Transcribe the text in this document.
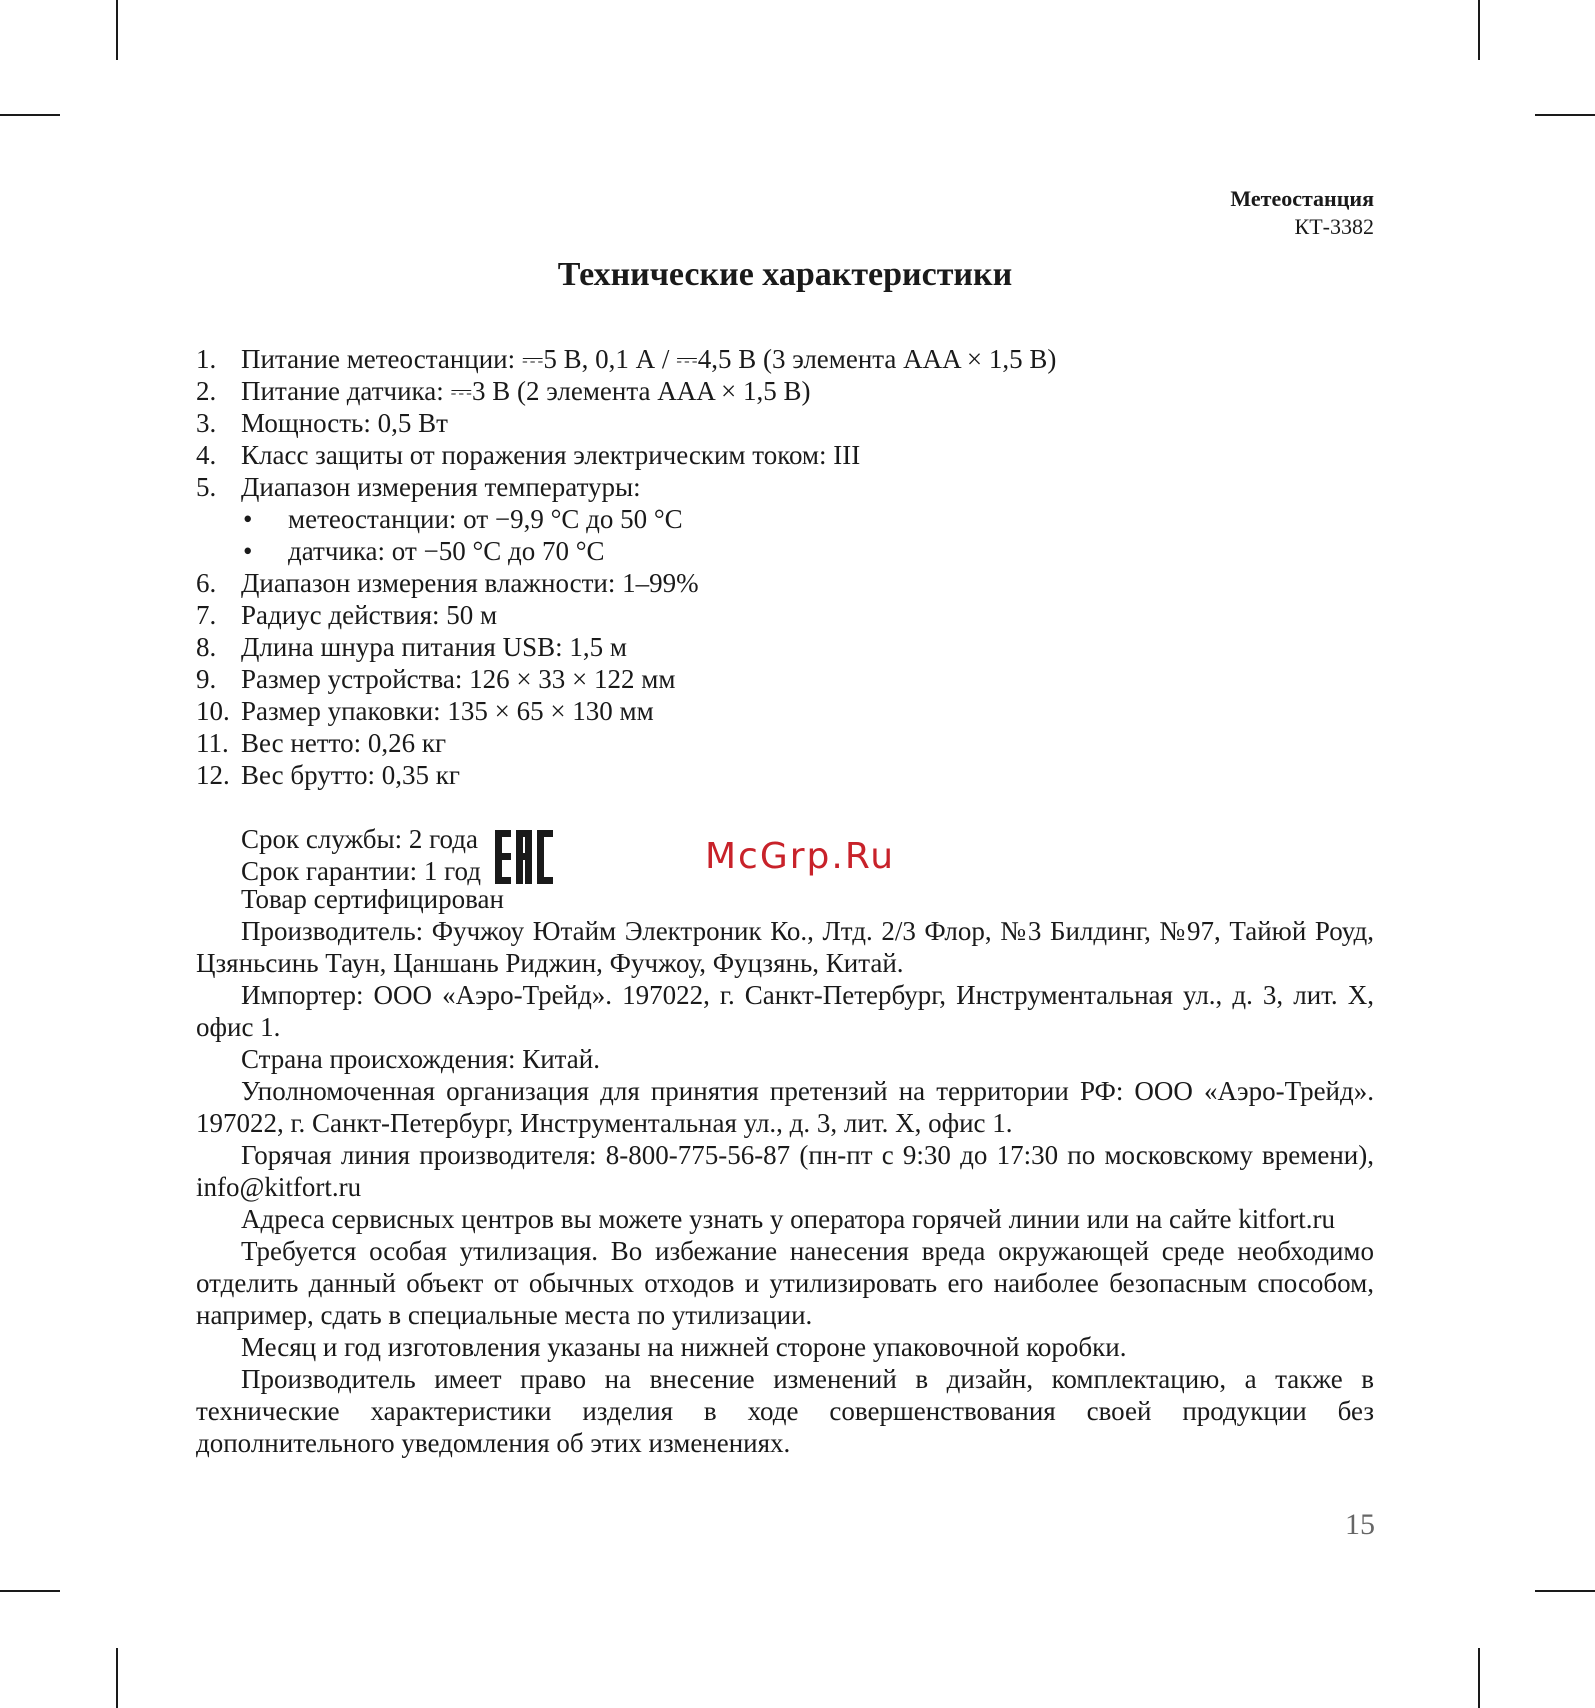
Метеостанция
КТ-3382
Технические характеристики
1. Питание метеостанции: ⎓5 В, 0,1 А / ⎓4,5 В (3 элемента AAA × 1,5 В)
2. Питание датчика: ⎓3 В (2 элемента AAA × 1,5 В)
3. Мощность: 0,5 Вт
4. Класс защиты от поражения электрическим током: III
5. Диапазон измерения температуры:
•	метеостанции: от −9,9 °C до 50 °C
•	датчика: от −50 °C до 70 °C
6. Диапазон измерения влажности: 1–99%
7. Радиус действия: 50 м
8. Длина шнура питания USB: 1,5 м
9. Размер устройства: 126 × 33 × 122 мм
10. Размер упаковки: 135 × 65 × 130 мм
11. Вес нетто: 0,26 кг
12. Вес брутто: 0,35 кг
Срок службы: 2 года
Срок гарантии: 1 год
Товар сертифицирован

Производитель: Фучжоу Ютайм Электроник Ко., Лтд. 2/3 Флор, №3 Билдинг, №97, Тайюй Роуд, Цзяньсинь Таун, Цаншань Риджин, Фучжоу, Фуцзянь, Китай.

Импортер: ООО «Аэро-Трейд». 197022, г. Санкт-Петербург, Инструментальная ул., д. 3, лит. Х, офис 1.

Страна происхождения: Китай.

Уполномоченная организация для принятия претензий на территории РФ: ООО «Аэро-Трейд». 197022, г. Санкт-Петербург, Инструментальная ул., д. 3, лит. Х, офис 1.

Горячая линия производителя: 8-800-775-56-87 (пн-пт с 9:30 до 17:30 по московскому времени), info@kitfort.ru

Адреса сервисных центров вы можете узнать у оператора горячей линии или на сайте kitfort.ru

Требуется особая утилизация. Во избежание нанесения вреда окружающей среде необходимо отделить данный объект от обычных отходов и утилизировать его наиболее безопасным способом, например, сдать в специальные места по утилизации.

Месяц и год изготовления указаны на нижней стороне упаковочной коробки.

Производитель имеет право на внесение изменений в дизайн, комплектацию, а также в технические характеристики изделия в ходе совершенствования своей продукции без дополнительного уведомления об этих изменениях.

McGrp.Ru
15
